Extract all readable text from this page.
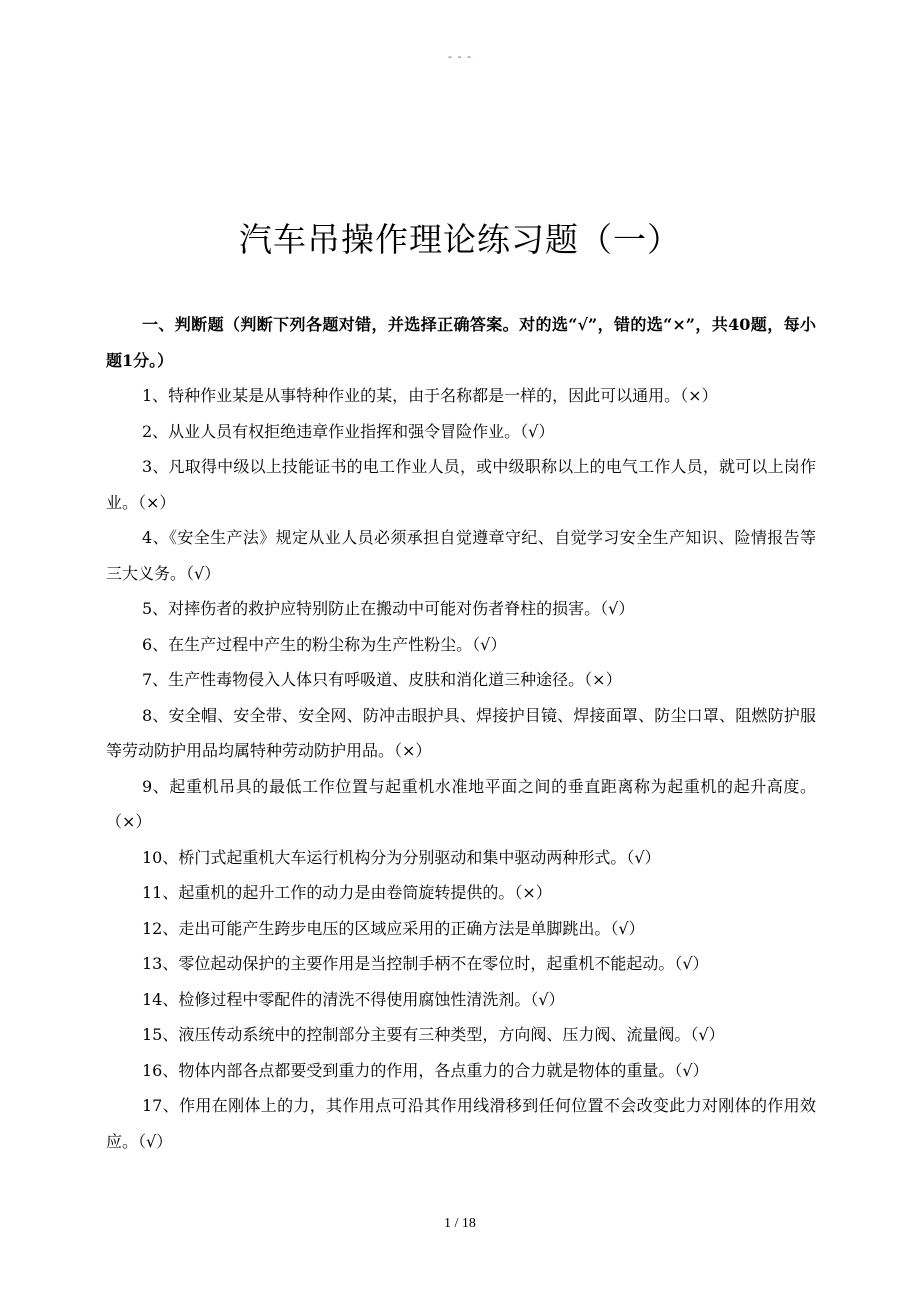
- - -
汽车吊操作理论练习题（一）

一、判断题（判断下列各题对错，并选择正确答案。对的选“√”，错的选“×”，共40题，每小题1分。）

1、特种作业某是从事特种作业的某，由于名称都是一样的，因此可以通用。（×）

2、从业人员有权拒绝违章作业指挥和强令冒险作业。（√）

3、凡取得中级以上技能证书的电工作业人员，或中级职称以上的电气工作人员，就可以上岗作业。（×）

4、《安全生产法》规定从业人员必须承担自觉遵章守纪、自觉学习安全生产知识、险情报告等三大义务。（√）

5、对摔伤者的救护应特别防止在搬动中可能对伤者脊柱的损害。（√）

6、在生产过程中产生的粉尘称为生产性粉尘。（√）

7、生产性毒物侵入人体只有呼吸道、皮肤和消化道三种途径。（×）

8、安全帽、安全带、安全网、防冲击眼护具、焊接护目镜、焊接面罩、防尘口罩、阻燃防护服等劳动防护用品均属特种劳动防护用品。（×）

9、起重机吊具的最低工作位置与起重机水准地平面之间的垂直距离称为起重机的起升高度。（×）

10、桥门式起重机大车运行机构分为分别驱动和集中驱动两种形式。（√）

11、起重机的起升工作的动力是由卷筒旋转提供的。（×）

12、走出可能产生跨步电压的区域应采用的正确方法是单脚跳出。（√）

13、零位起动保护的主要作用是当控制手柄不在零位时，起重机不能起动。（√）

14、检修过程中零配件的清洗不得使用腐蚀性清洗剂。（√）

15、液压传动系统中的控制部分主要有三种类型，方向阀、压力阀、流量阀。（√）

16、物体内部各点都要受到重力的作用，各点重力的合力就是物体的重量。（√）

17、作用在刚体上的力，其作用点可沿其作用线滑移到任何位置不会改变此力对刚体的作用效应。（√）

1 / 18
